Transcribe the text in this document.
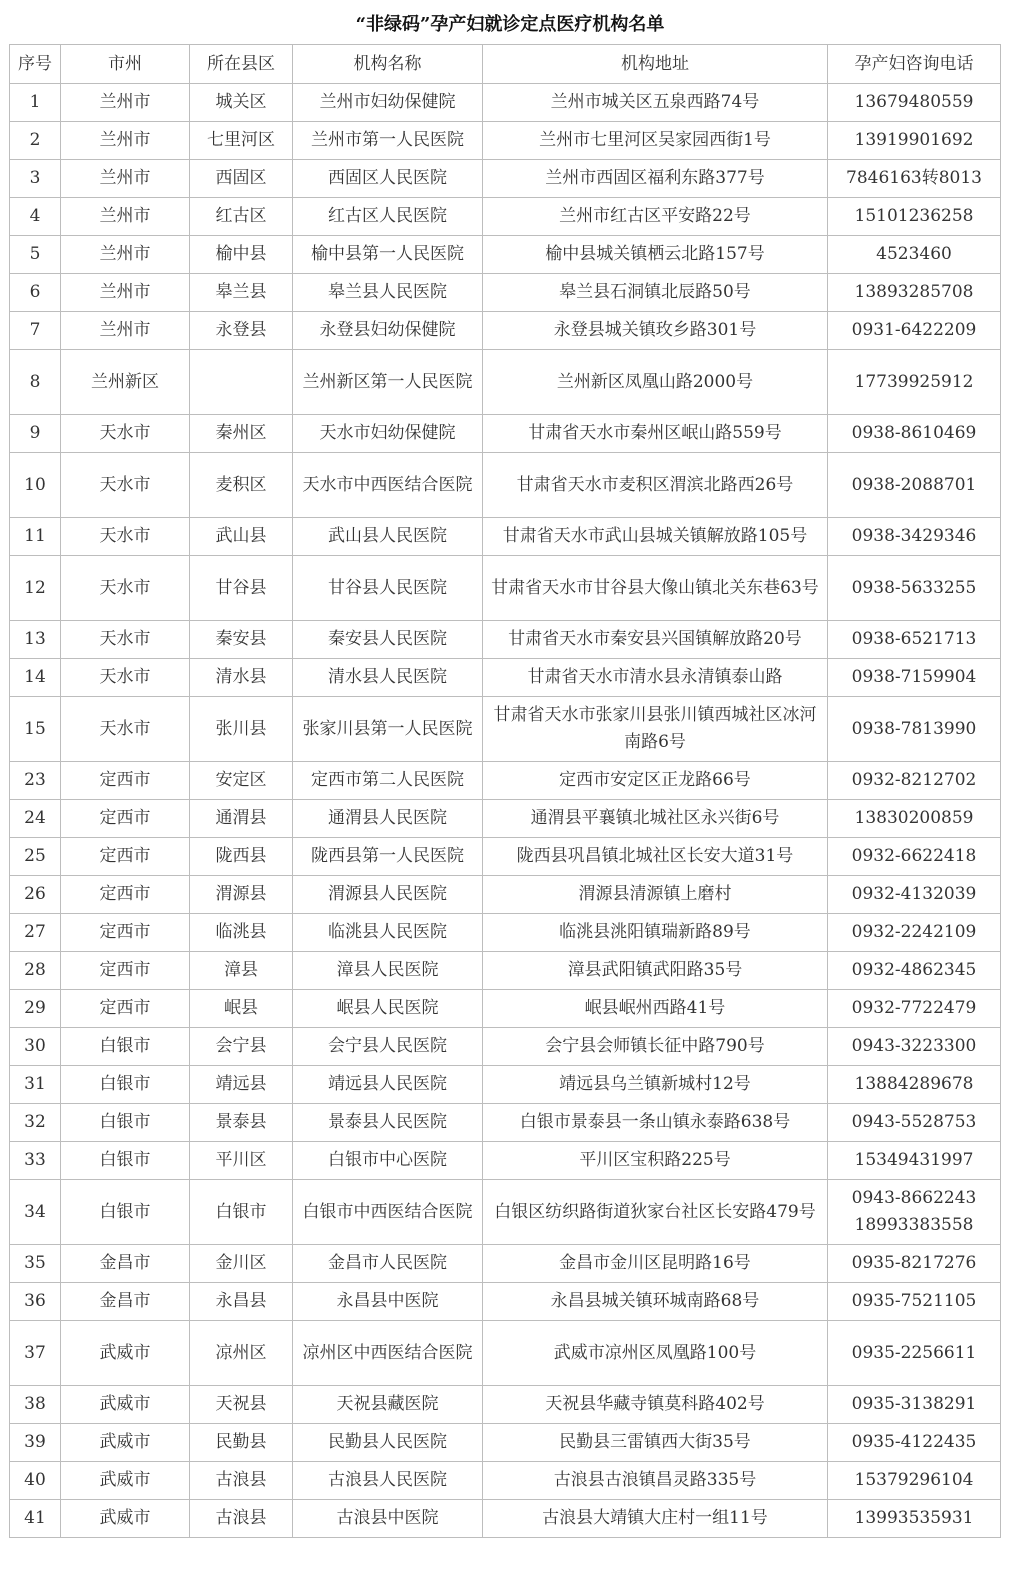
“非绿码”孕产妇就诊定点医疗机构名单
序号	市州	所在县区	机构名称	机构地址	孕产妇咨询电话
1	兰州市	城关区	兰州市妇幼保健院	兰州市城关区五泉西路74号	13679480559

2	兰州市	七里河区	兰州市第一人民医院	兰州市七里河区吴家园西街1号	13919901692

3	兰州市	西固区	西固区人民医院	兰州市西固区福利东路377号	7846163转8013

4	兰州市	红古区	红古区人民医院	兰州市红古区平安路22号	15101236258

5	兰州市	榆中县	榆中县第一人民医院	榆中县城关镇栖云北路157号	4523460

6	兰州市	皋兰县	皋兰县人民医院	皋兰县石洞镇北辰路50号	13893285708

7	兰州市	永登县	永登县妇幼保健院	永登县城关镇玫乡路301号	0931-6422209

8	兰州新区		兰州新区第一人民医院	兰州新区凤凰山路2000号	17739925912

9	天水市	秦州区	天水市妇幼保健院	甘肃省天水市秦州区岷山路559号	0938-8610469

10	天水市	麦积区	天水市中西医结合医院	甘肃省天水市麦积区渭滨北路西26号	0938-2088701

11	天水市	武山县	武山县人民医院	甘肃省天水市武山县城关镇解放路105号	0938-3429346

12	天水市	甘谷县	甘谷县人民医院	甘肃省天水市甘谷县大像山镇北关东巷63号	0938-5633255

13	天水市	秦安县	秦安县人民医院	甘肃省天水市秦安县兴国镇解放路20号	0938-6521713

14	天水市	清水县	清水县人民医院	甘肃省天水市清水县永清镇泰山路	0938-7159904

15	天水市	张川县	张家川县第一人民医院	甘肃省天水市张家川县张川镇西城社区冰河南路6号	0938-7813990

23	定西市	安定区	定西市第二人民医院	定西市安定区正龙路66号	0932-8212702

24	定西市	通渭县	通渭县人民医院	通渭县平襄镇北城社区永兴街6号	13830200859

25	定西市	陇西县	陇西县第一人民医院	陇西县巩昌镇北城社区长安大道31号	0932-6622418

26	定西市	渭源县	渭源县人民医院	渭源县清源镇上磨村	0932-4132039

27	定西市	临洮县	临洮县人民医院	临洮县洮阳镇瑞新路89号	0932-2242109

28	定西市	漳县	漳县人民医院	漳县武阳镇武阳路35号	0932-4862345

29	定西市	岷县	岷县人民医院	岷县岷州西路41号	0932-7722479

30	白银市	会宁县	会宁县人民医院	会宁县会师镇长征中路790号	0943-3223300

31	白银市	靖远县	靖远县人民医院	靖远县乌兰镇新城村12号	13884289678

32	白银市	景泰县	景泰县人民医院	白银市景泰县一条山镇永泰路638号	0943-5528753

33	白银市	平川区	白银市中心医院	平川区宝积路225号	15349431997

34	白银市	白银市	白银市中西医结合医院	白银区纺织路街道狄家台社区长安路479号	0943-8662243
18993383558

35	金昌市	金川区	金昌市人民医院	金昌市金川区昆明路16号	0935-8217276

36	金昌市	永昌县	永昌县中医院	永昌县城关镇环城南路68号	0935-7521105

37	武威市	凉州区	凉州区中西医结合医院	武威市凉州区凤凰路100号	0935-2256611

38	武威市	天祝县	天祝县藏医院	天祝县华藏寺镇莫科路402号	0935-3138291

39	武威市	民勤县	民勤县人民医院	民勤县三雷镇西大街35号	0935-4122435

40	武威市	古浪县	古浪县人民医院	古浪县古浪镇昌灵路335号	15379296104

41	武威市	古浪县	古浪县中医院	古浪县大靖镇大庄村一组11号	13993535931
